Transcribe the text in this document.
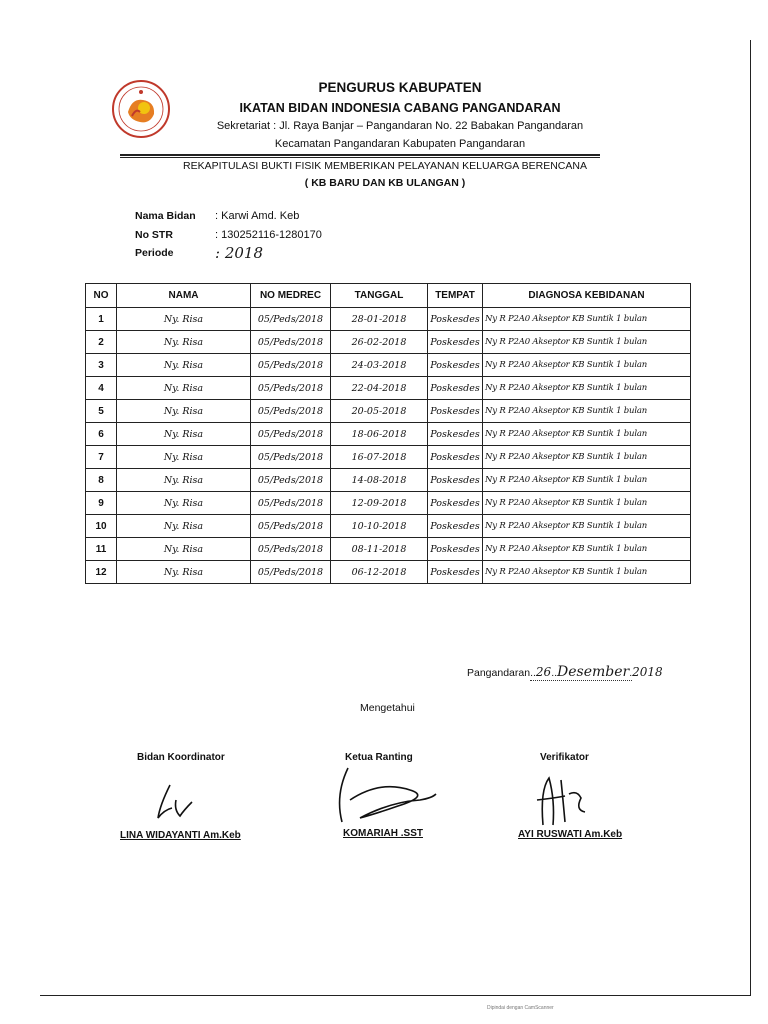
PENGURUS KABUPATEN
IKATAN BIDAN INDONESIA CABANG PANGANDARAN
Sekretariat : Jl. Raya Banjar – Pangandaran No. 22 Babakan Pangandaran
Kecamatan Pangandaran Kabupaten Pangandaran
REKAPITULASI BUKTI FISIK MEMBERIKAN PELAYANAN KELUARGA BERENCANA
( KB BARU DAN KB ULANGAN )
Nama Bidan : Karwi Amd. Keb
No STR	: 130252116-1280170
Periode	: 2018
NO	NAMA	NO MEDREC	TANGGAL	TEMPAT	DIAGNOSA KEBIDANAN
1	Ny. Risa	05/Peds/2018	28-01-2018	Poskesdes	Ny R P2A0 Akseptor KB Suntik 1 bulan
2	Ny. Risa	05/Peds/2018	26-02-2018	Poskesdes	Ny R P2A0 Akseptor KB Suntik 1 bulan
3	Ny. Risa	05/Peds/2018	24-03-2018	Poskesdes	Ny R P2A0 Akseptor KB Suntik 1 bulan
4	Ny. Risa	05/Peds/2018	22-04-2018	Poskesdes	Ny R P2A0 Akseptor KB Suntik 1 bulan
5	Ny. Risa	05/Peds/2018	20-05-2018	Poskesdes	Ny R P2A0 Akseptor KB Suntik 1 bulan
6	Ny. Risa	05/Peds/2018	18-06-2018	Poskesdes	Ny R P2A0 Akseptor KB Suntik 1 bulan
7	Ny. Risa	05/Peds/2018	16-07-2018	Poskesdes	Ny R P2A0 Akseptor KB Suntik 1 bulan
8	Ny. Risa	05/Peds/2018	14-08-2018	Poskesdes	Ny R P2A0 Akseptor KB Suntik 1 bulan
9	Ny. Risa	05/Peds/2018	12-09-2018	Poskesdes	Ny R P2A0 Akseptor KB Suntik 1 bulan
10	Ny. Risa	05/Peds/2018	10-10-2018	Poskesdes	Ny R P2A0 Akseptor KB Suntik 1 bulan
11	Ny. Risa	05/Peds/2018	08-11-2018	Poskesdes	Ny R P2A0 Akseptor KB Suntik 1 bulan
12	Ny. Risa	05/Peds/2018	06-12-2018	Poskesdes	Ny R P2A0 Akseptor KB Suntik 1 bulan
Pangandaran..26..Desember.2018
Mengetahui
Bidan Koordinator	Ketua Ranting	Verifikator
LINA WIDAYANTI Am.Keb	KOMARIAH .SST	AYI RUSWATI Am.Keb
Dipindai dengan CamScanner
